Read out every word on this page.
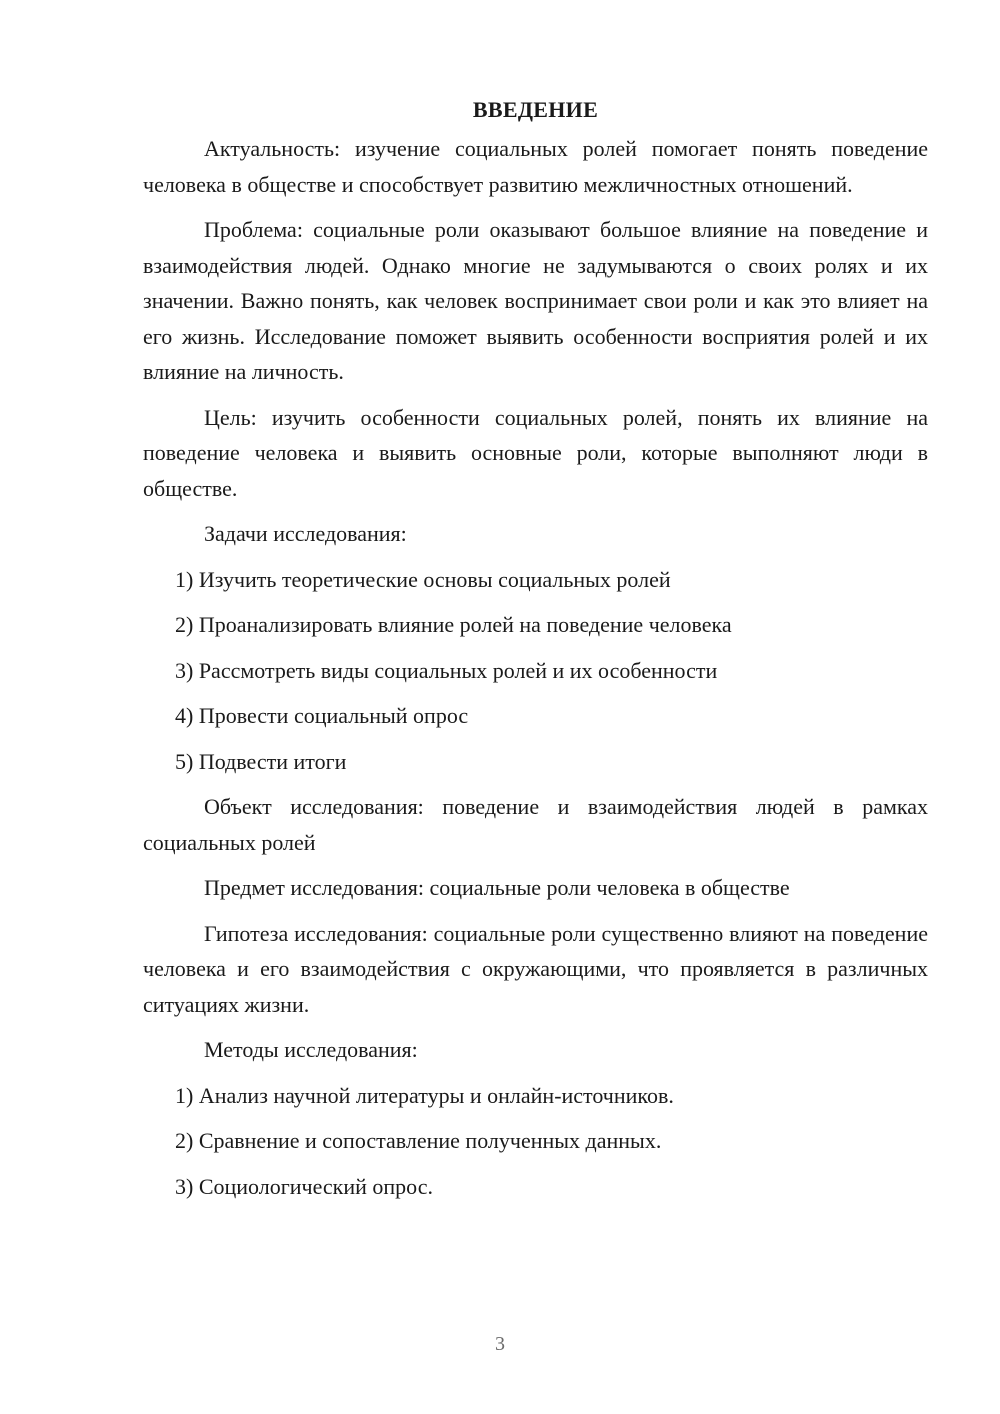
ВВЕДЕНИЕ

Актуальность: изучение социальных ролей помогает понять поведение человека в обществе и способствует развитию межличностных отношений.

Проблема: социальные роли оказывают большое влияние на поведение и взаимодействия людей. Однако многие не задумываются о своих ролях и их значении. Важно понять, как человек воспринимает свои роли и как это влияет на его жизнь. Исследование поможет выявить особенности восприятия ролей и их влияние на личность.

Цель: изучить особенности социальных ролей, понять их влияние на поведение человека и выявить основные роли, которые выполняют люди в обществе.

Задачи исследования:

1) Изучить теоретические основы социальных ролей
2) Проанализировать влияние ролей на поведение человека
3) Рассмотреть виды социальных ролей и их особенности
4) Провести социальный опрос
5) Подвести итоги

Объект исследования: поведение и взаимодействия людей в рамках социальных ролей

Предмет исследования: социальные роли человека в обществе

Гипотеза исследования: социальные роли существенно влияют на поведение человека и его взаимодействия с окружающими, что проявляется в различных ситуациях жизни.

Методы исследования:

1) Анализ научной литературы и онлайн-источников.
2) Сравнение и сопоставление полученных данных.
3) Социологический опрос.
3
